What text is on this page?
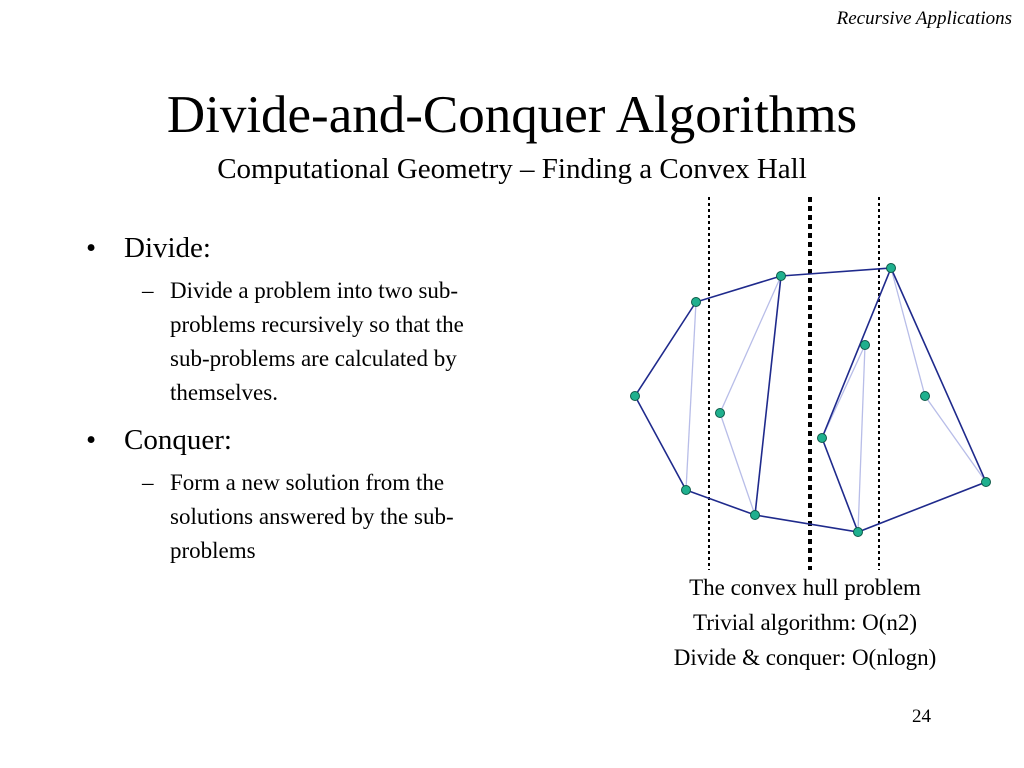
Recursive Applications
Divide-and-Conquer Algorithms
Computational Geometry – Finding a Convex Hall
• Divide:
– Divide a problem into two sub-problems recursively so that the sub-problems are calculated by themselves.
• Conquer:
– Form a new solution from the solutions answered by the sub-problems
The convex hull problem
Trivial algorithm: O(n2)
Divide & conquer: O(nlogn)
24
